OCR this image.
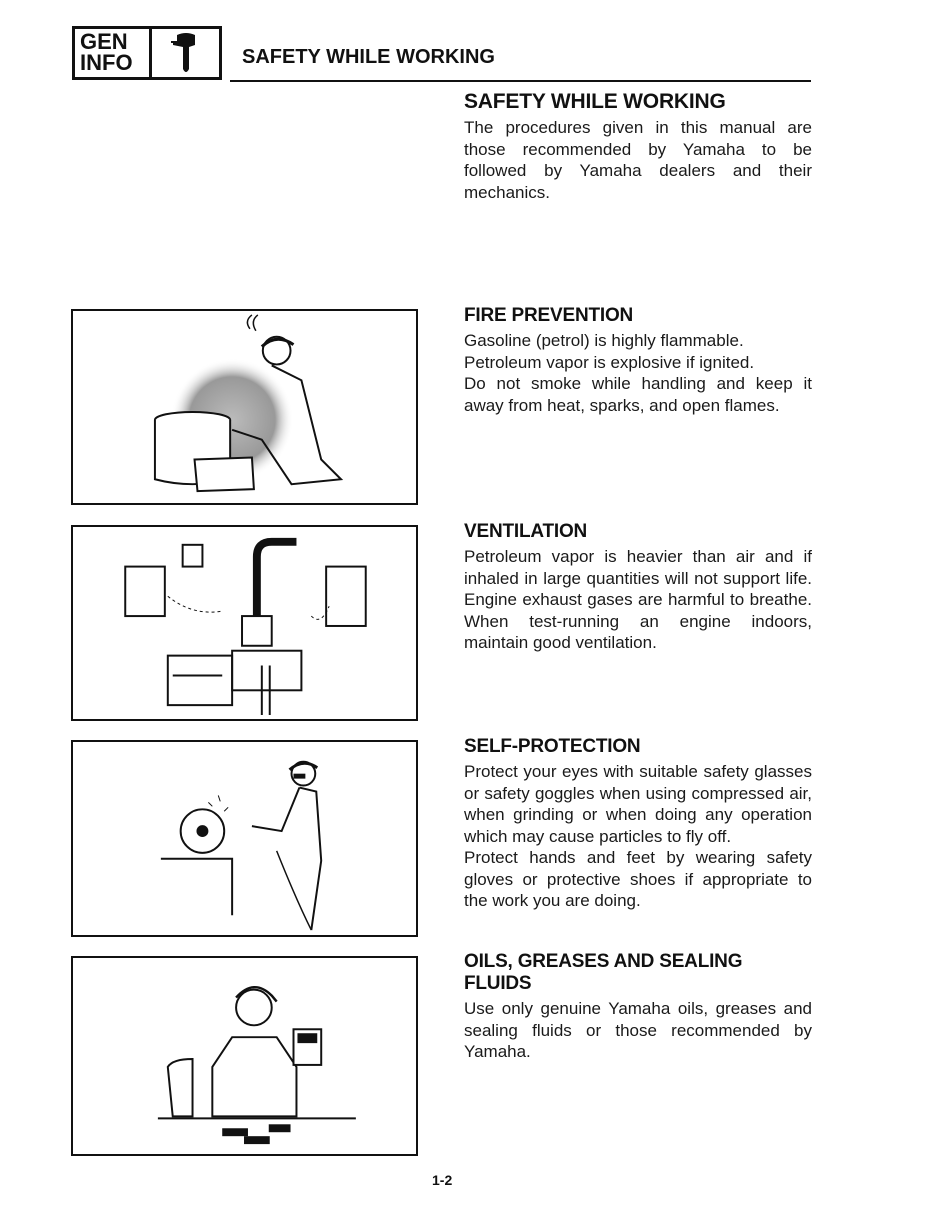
GEN
INFO	SAFETY WHILE WORKING
SAFETY WHILE WORKING

The procedures given in this manual are those recommended by Yamaha to be followed by Yamaha dealers and their mechanics.

FIRE PREVENTION

Gasoline (petrol) is highly flammable.

Petroleum vapor is explosive if ignited.

Do not smoke while handling and keep it away from heat, sparks, and open flames.

VENTILATION

Petroleum vapor is heavier than air and if inhaled in large quantities will not support life. Engine exhaust gases are harmful to breathe. When test-running an engine indoors, maintain good ventilation.

SELF-PROTECTION

Protect your eyes with suitable safety glasses or safety goggles when using compressed air, when grinding or when doing any operation which may cause particles to fly off.

Protect hands and feet by wearing safety gloves or protective shoes if appropriate to the work you are doing.

OILS, GREASES AND SEALING FLUIDS

Use only genuine Yamaha oils, greases and sealing fluids or those recommended by Yamaha.

1-2
